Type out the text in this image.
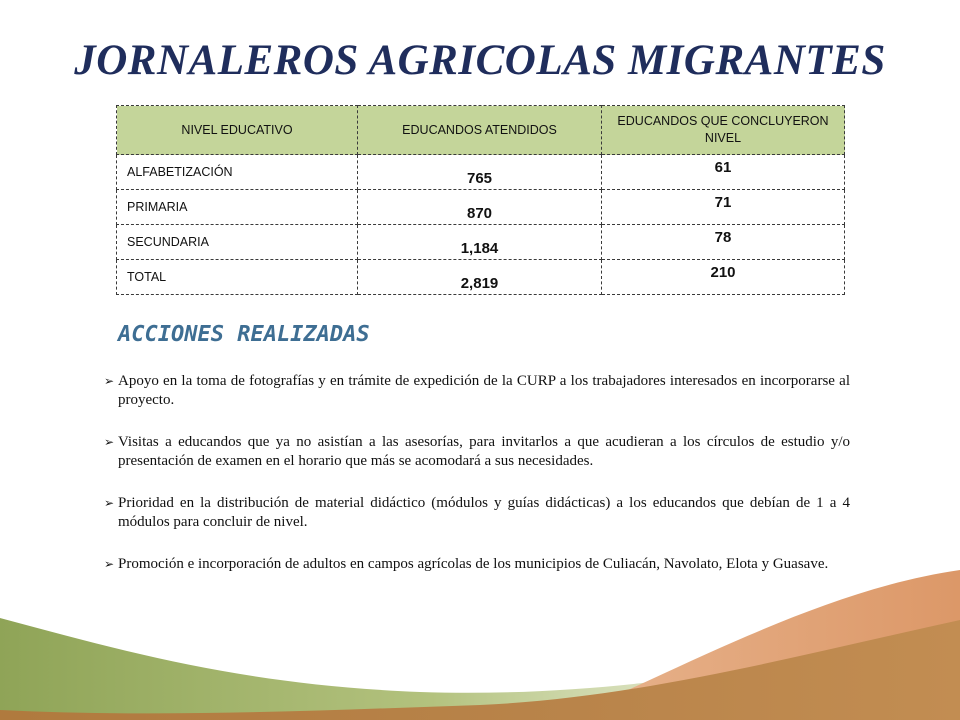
JORNALEROS AGRICOLAS MIGRANTES
NIVEL EDUCATIVO	EDUCANDOS ATENDIDOS	EDUCANDOS QUE CONCLUYERON NIVEL
ALFABETIZACIÓN	765	61
PRIMARIA	870	71
SECUNDARIA	1,184	78
TOTAL	2,819	210
ACCIONES REALIZADAS
➢ Apoyo en la toma de fotografías y en trámite de expedición de la CURP a los trabajadores interesados en incorporarse al proyecto.
➢ Visitas a educandos que ya no asistían a las asesorías, para invitarlos a que acudieran a los círculos de estudio y/o presentación de examen en el horario que más se acomodará a sus necesidades.
➢ Prioridad en la distribución de material didáctico (módulos y guías didácticas) a los educandos que debían de 1 a 4 módulos para concluir de nivel.
➢ Promoción e incorporación de adultos en campos agrícolas de los municipios de Culiacán, Navolato, Elota y Guasave.
